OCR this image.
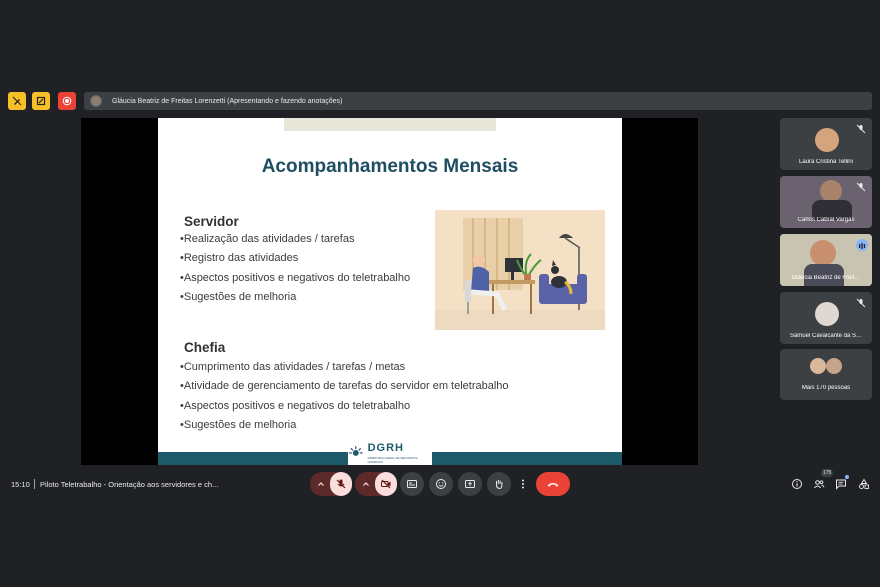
Gláucia Beatriz de Freitas Lorenzetti (Apresentando e fazendo anotações)
Acompanhamentos Mensais
Servidor
•Realização das atividades / tarefas
•Registro das atividades
•Aspectos positivos e negativos do teletrabalho
•Sugestões de melhoria
Chefia
•Cumprimento das atividades / tarefas / metas
•Atividade de gerenciamento de tarefas do servidor em teletrabalho
•Aspectos positivos e negativos do teletrabalho
•Sugestões de melhoria
DGRH
DIRETORIA GERAL DE RECURSOS HUMANOS
Laura Cristina Tellini
Carlos Cabral Vargas
Gláucia Beatriz de Freit…
Samuel Cavalcante da S…
Mais 170 pessoas
15:10 Piloto Teletrabalho - Orientação aos servidores e ch...
175
